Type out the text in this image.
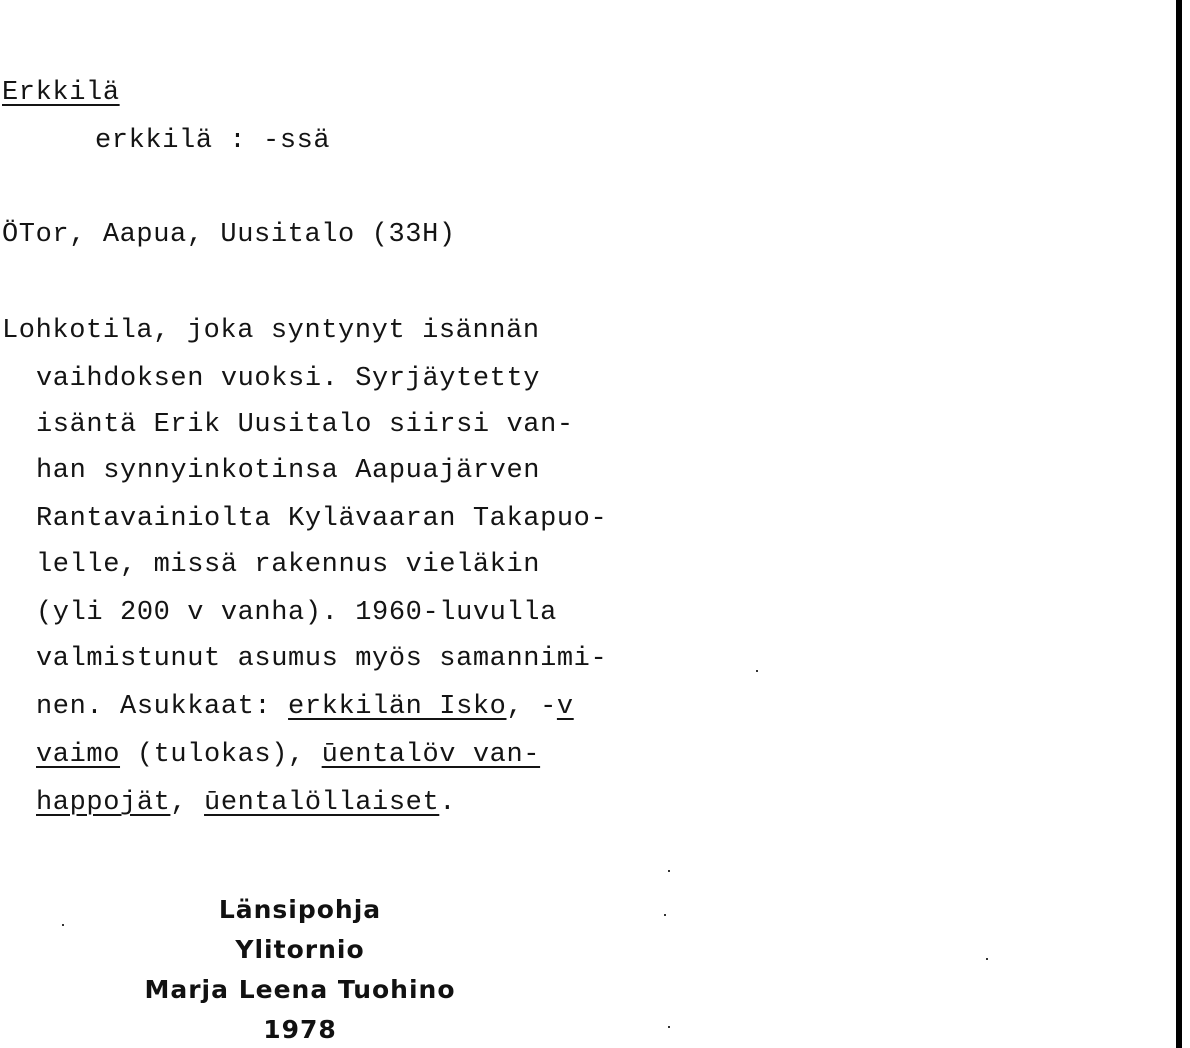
Erkkilä
erkkilä : -ssä
ÖTor, Aapua, Uusitalo (33H)
Lohkotila, joka syntynyt isännän
vaihdoksen vuoksi. Syrjäytetty
isäntä Erik Uusitalo siirsi van-
han synnyinkotinsa Aapuajärven
Rantavainiolta Kylävaaran Takapuo-
lelle, missä rakennus vieläkin
(yli 200 v vanha). 1960-luvulla
valmistunut asumus myös samannimi-
nen. Asukkaat: erkkilän Isko, -v
vaimo (tulokas), ūentalöv van-
happojät, ūentalöllaiset.
Länsipohja
Ylitornio
Marja Leena Tuohino
1978
